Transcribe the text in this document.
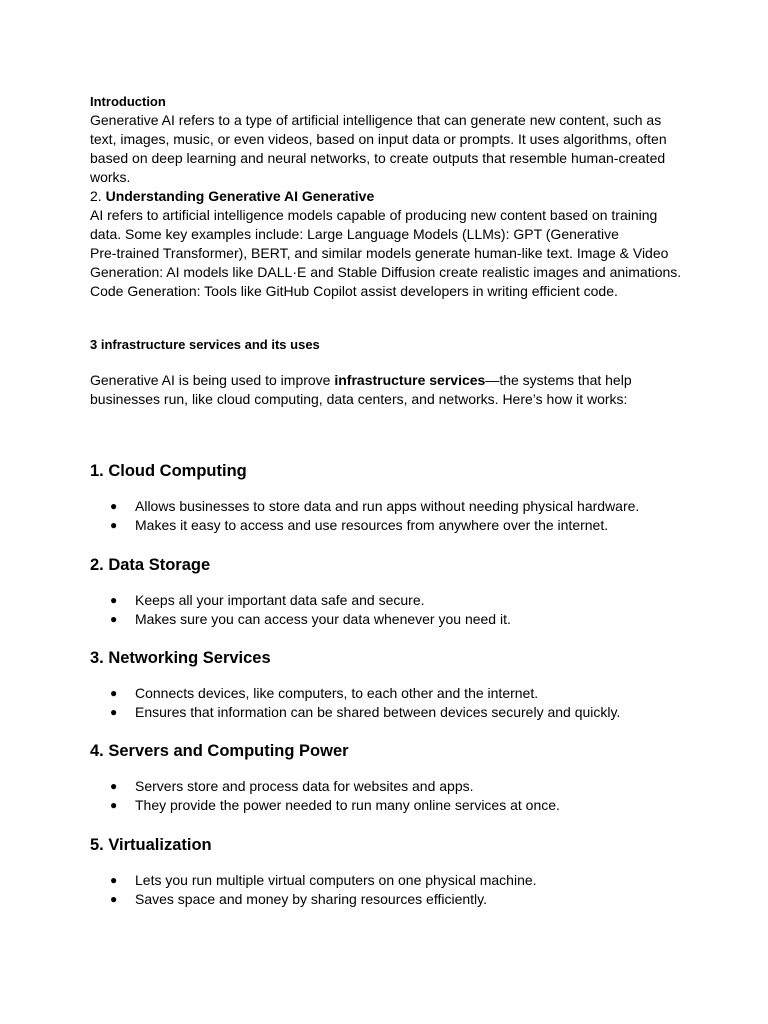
Introduction

Generative AI refers to a type of artificial intelligence that can generate new content, such as text, images, music, or even videos, based on input data or prompts. It uses algorithms, often based on deep learning and neural networks, to create outputs that resemble human-created works.

2. Understanding Generative AI Generative

AI refers to artificial intelligence models capable of producing new content based on training

data. Some key examples include: Large Language Models (LLMs): GPT (Generative

Pre-trained Transformer), BERT, and similar models generate human-like text. Image & Video

Generation: AI models like DALL·E and Stable Diffusion create realistic images and animations.

Code Generation: Tools like GitHub Copilot assist developers in writing efficient code.

3 infrastructure services and its uses

Generative AI is being used to improve infrastructure services—the systems that help businesses run, like cloud computing, data centers, and networks. Here’s how it works:

1. Cloud Computing

● Allows businesses to store data and run apps without needing physical hardware.
● Makes it easy to access and use resources from anywhere over the internet.

2. Data Storage

● Keeps all your important data safe and secure.
● Makes sure you can access your data whenever you need it.

3. Networking Services

● Connects devices, like computers, to each other and the internet.
● Ensures that information can be shared between devices securely and quickly.

4. Servers and Computing Power

● Servers store and process data for websites and apps.
● They provide the power needed to run many online services at once.

5. Virtualization

● Lets you run multiple virtual computers on one physical machine.
● Saves space and money by sharing resources efficiently.
